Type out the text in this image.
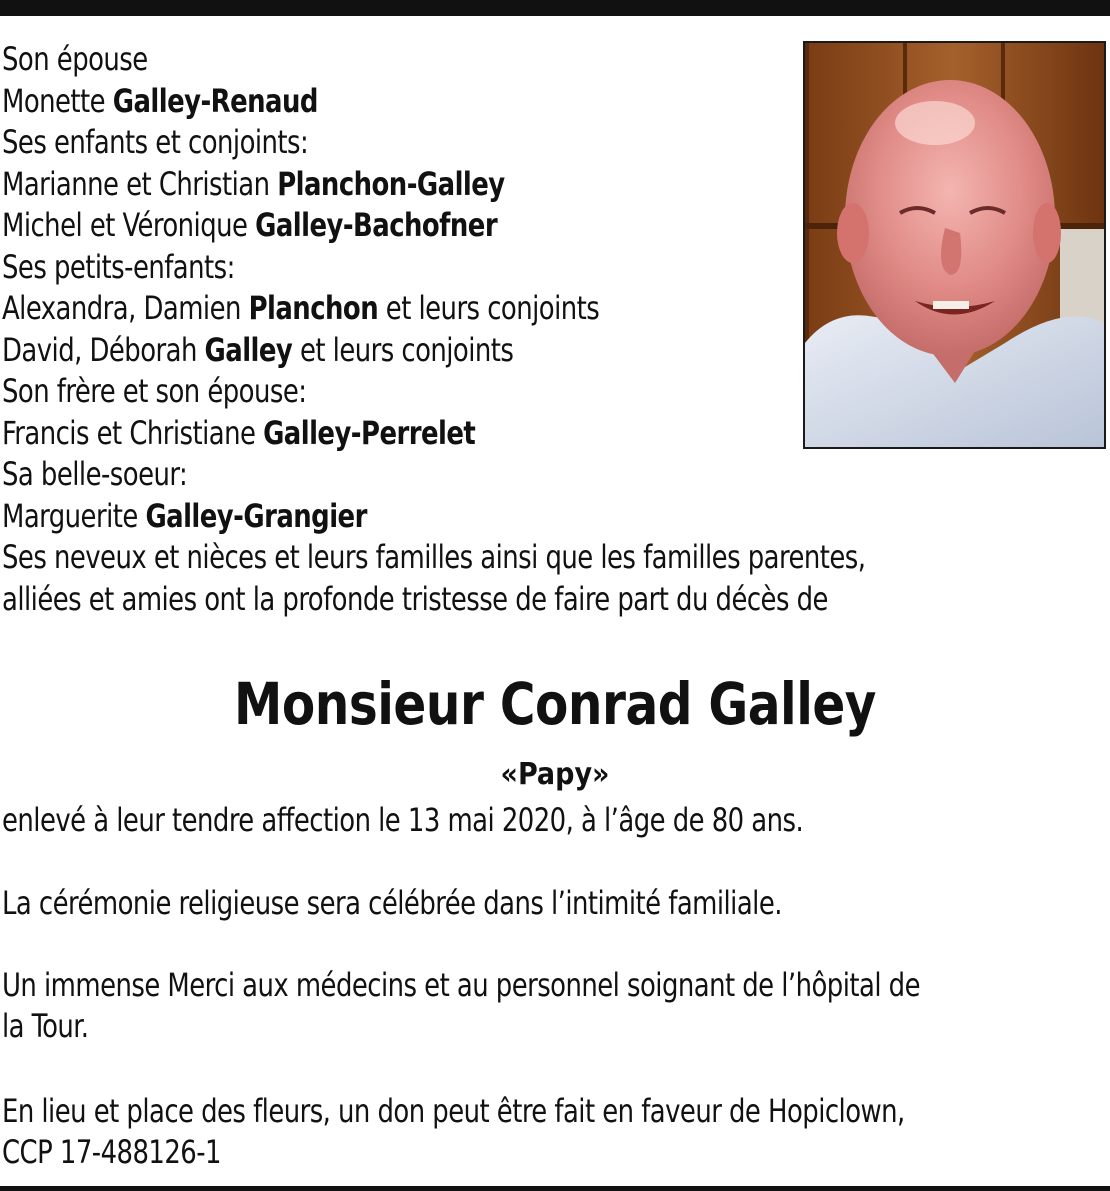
Son épouse
Monette Galley-Renaud
Ses enfants et conjoints:
Marianne et Christian Planchon-Galley
Michel et Véronique Galley-Bachofner
Ses petits-enfants:
Alexandra, Damien Planchon et leurs conjoints
David, Déborah Galley et leurs conjoints
Son frère et son épouse:
Francis et Christiane Galley-Perrelet
Sa belle-soeur:
Marguerite Galley-Grangier
Ses neveux et nièces et leurs familles ainsi que les familles parentes,
alliées et amies ont la profonde tristesse de faire part du décès de
Monsieur Conrad Galley
«Papy»

enlevé à leur tendre affection le 13 mai 2020, à l’âge de 80 ans.

La cérémonie religieuse sera célébrée dans l’intimité familiale.

Un immense Merci aux médecins et au personnel soignant de l’hôpital de
la Tour.

En lieu et place des fleurs, un don peut être fait en faveur de Hopiclown,
CCP 17-488126-1
